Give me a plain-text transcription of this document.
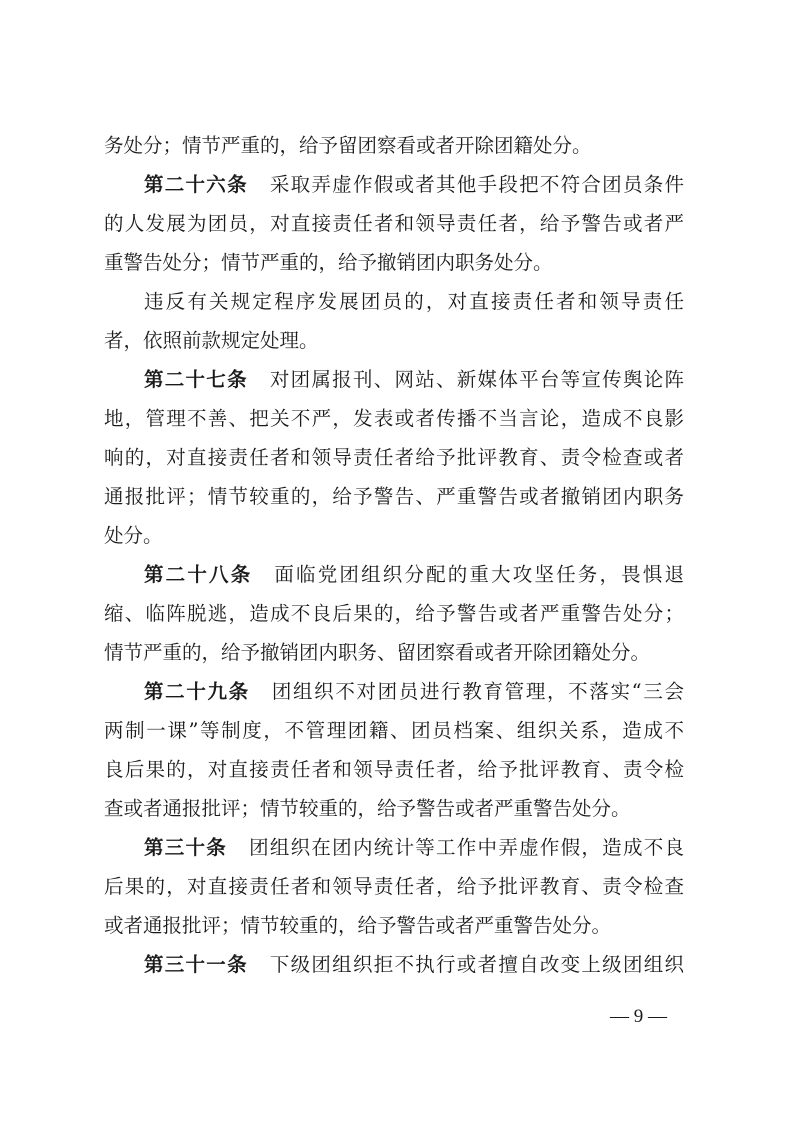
务处分；情节严重的，给予留团察看或者开除团籍处分。
第二十六条 采取弄虚作假或者其他手段把不符合团员条件
的人发展为团员，对直接责任者和领导责任者，给予警告或者严
重警告处分；情节严重的，给予撤销团内职务处分。
违反有关规定程序发展团员的，对直接责任者和领导责任
者，依照前款规定处理。
第二十七条 对团属报刊、网站、新媒体平台等宣传舆论阵
地，管理不善、把关不严，发表或者传播不当言论，造成不良影
响的，对直接责任者和领导责任者给予批评教育、责令检查或者
通报批评；情节较重的，给予警告、严重警告或者撤销团内职务
处分。
第二十八条 面临党团组织分配的重大攻坚任务，畏惧退
缩、临阵脱逃，造成不良后果的，给予警告或者严重警告处分；
情节严重的，给予撤销团内职务、留团察看或者开除团籍处分。
第二十九条 团组织不对团员进行教育管理，不落实“三会
两制一课”等制度，不管理团籍、团员档案、组织关系，造成不
良后果的，对直接责任者和领导责任者，给予批评教育、责令检
查或者通报批评；情节较重的，给予警告或者严重警告处分。
第三十条 团组织在团内统计等工作中弄虚作假，造成不良
后果的，对直接责任者和领导责任者，给予批评教育、责令检查
或者通报批评；情节较重的，给予警告或者严重警告处分。
第三十一条 下级团组织拒不执行或者擅自改变上级团组织
— 9 —
